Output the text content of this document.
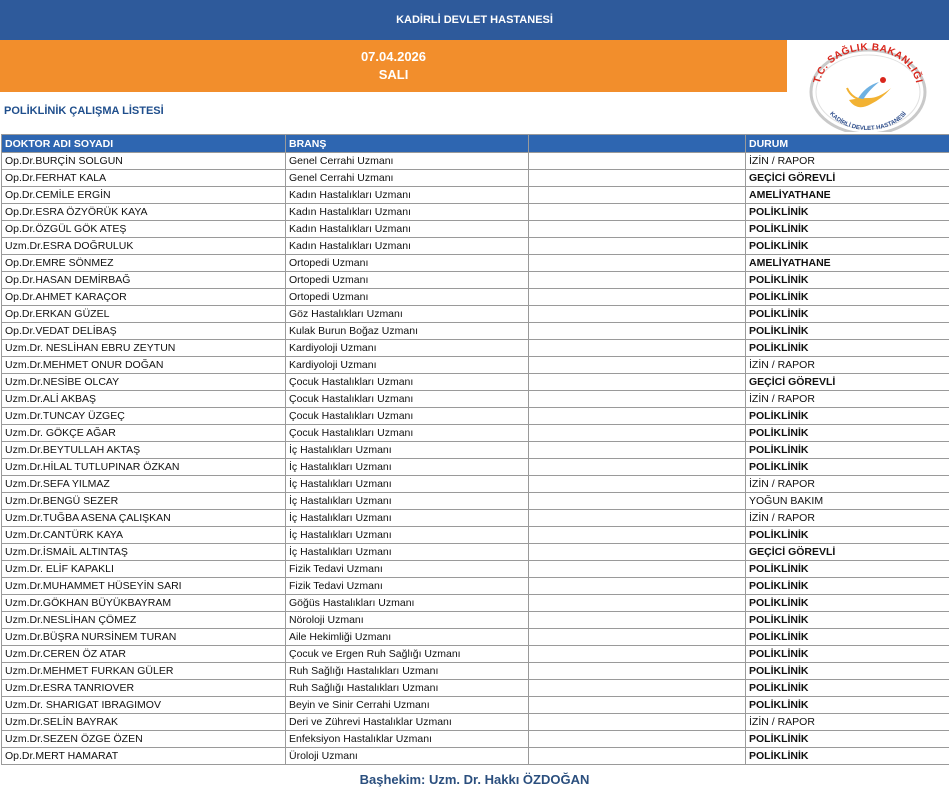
KADİRLİ DEVLET HASTANESİ
07.04.2026
SALI	T.C. SAĞLIK BAKANLIĞI
KADİRLİ DEVLET HASTANESİ
POLİKLİNİK ÇALIŞMA LİSTESİ
DOKTOR ADI SOYADI	BRANŞ		DURUM
Op.Dr.BURÇİN SOLGUN	Genel Cerrahi Uzmanı		İZİN / RAPOR
Op.Dr.FERHAT KALA	Genel Cerrahi Uzmanı		GEÇİCİ GÖREVLİ
Op.Dr.CEMİLE ERGİN	Kadın Hastalıkları Uzmanı		AMELİYATHANE
Op.Dr.ESRA ÖZYÖRÜK KAYA	Kadın Hastalıkları Uzmanı		POLİKLİNİK
Op.Dr.ÖZGÜL GÖK ATEŞ	Kadın Hastalıkları Uzmanı		POLİKLİNİK
Uzm.Dr.ESRA DOĞRULUK	Kadın Hastalıkları Uzmanı		POLİKLİNİK
Op.Dr.EMRE SÖNMEZ	Ortopedi Uzmanı		AMELİYATHANE
Op.Dr.HASAN DEMİRBAĞ	Ortopedi Uzmanı		POLİKLİNİK
Op.Dr.AHMET KARAÇOR	Ortopedi Uzmanı		POLİKLİNİK
Op.Dr.ERKAN GÜZEL	Göz Hastalıkları Uzmanı		POLİKLİNİK
Op.Dr.VEDAT DELİBAŞ	Kulak Burun Boğaz Uzmanı		POLİKLİNİK
Uzm.Dr. NESLİHAN EBRU ZEYTUN	Kardiyoloji Uzmanı		POLİKLİNİK
Uzm.Dr.MEHMET ONUR DOĞAN	Kardiyoloji Uzmanı		İZİN / RAPOR
Uzm.Dr.NESİBE OLCAY	Çocuk Hastalıkları Uzmanı		GEÇİCİ GÖREVLİ
Uzm.Dr.ALİ AKBAŞ	Çocuk Hastalıkları Uzmanı		İZİN / RAPOR
Uzm.Dr.TUNCAY ÜZGEÇ	Çocuk Hastalıkları Uzmanı		POLİKLİNİK
Uzm.Dr. GÖKÇE AĞAR	Çocuk Hastalıkları Uzmanı		POLİKLİNİK
Uzm.Dr.BEYTULLAH AKTAŞ	İç Hastalıkları Uzmanı		POLİKLİNİK
Uzm.Dr.HİLAL TUTLUPINAR ÖZKAN	İç Hastalıkları Uzmanı		POLİKLİNİK
Uzm.Dr.SEFA YILMAZ	İç Hastalıkları Uzmanı		İZİN / RAPOR
Uzm.Dr.BENGÜ SEZER	İç Hastalıkları Uzmanı		YOĞUN BAKIM
Uzm.Dr.TUĞBA ASENA ÇALIŞKAN	İç Hastalıkları Uzmanı		İZİN / RAPOR
Uzm.Dr.CANTÜRK KAYA	İç Hastalıkları Uzmanı		POLİKLİNİK
Uzm.Dr.İSMAİL ALTINTAŞ	İç Hastalıkları Uzmanı		GEÇİCİ GÖREVLİ
Uzm.Dr. ELİF KAPAKLI	Fizik Tedavi Uzmanı		POLİKLİNİK
Uzm.Dr.MUHAMMET HÜSEYİN SARI	Fizik Tedavi Uzmanı		POLİKLİNİK
Uzm.Dr.GÖKHAN BÜYÜKBAYRAM	Göğüs Hastalıkları Uzmanı		POLİKLİNİK
Uzm.Dr.NESLİHAN ÇÖMEZ	Nöroloji Uzmanı		POLİKLİNİK
Uzm.Dr.BÜŞRA NURSİNEM TURAN	Aile Hekimliği Uzmanı		POLİKLİNİK
Uzm.Dr.CEREN ÖZ ATAR	Çocuk ve Ergen Ruh Sağlığı Uzmanı		POLİKLİNİK
Uzm.Dr.MEHMET FURKAN GÜLER	Ruh Sağlığı Hastalıkları Uzmanı		POLİKLİNİK
Uzm.Dr.ESRA TANRIOVER	Ruh Sağlığı Hastalıkları Uzmanı		POLİKLİNİK
Uzm.Dr. SHARIGAT IBRAGIMOV	Beyin ve Sinir Cerrahi Uzmanı		POLİKLİNİK
Uzm.Dr.SELİN BAYRAK	Deri ve Zührevi Hastalıklar Uzmanı		İZİN / RAPOR
Uzm.Dr.SEZEN ÖZGE ÖZEN	Enfeksiyon Hastalıklar Uzmanı		POLİKLİNİK
Op.Dr.MERT HAMARAT	Üroloji Uzmanı		POLİKLİNİK
Başhekim: Uzm. Dr. Hakkı ÖZDOĞAN
